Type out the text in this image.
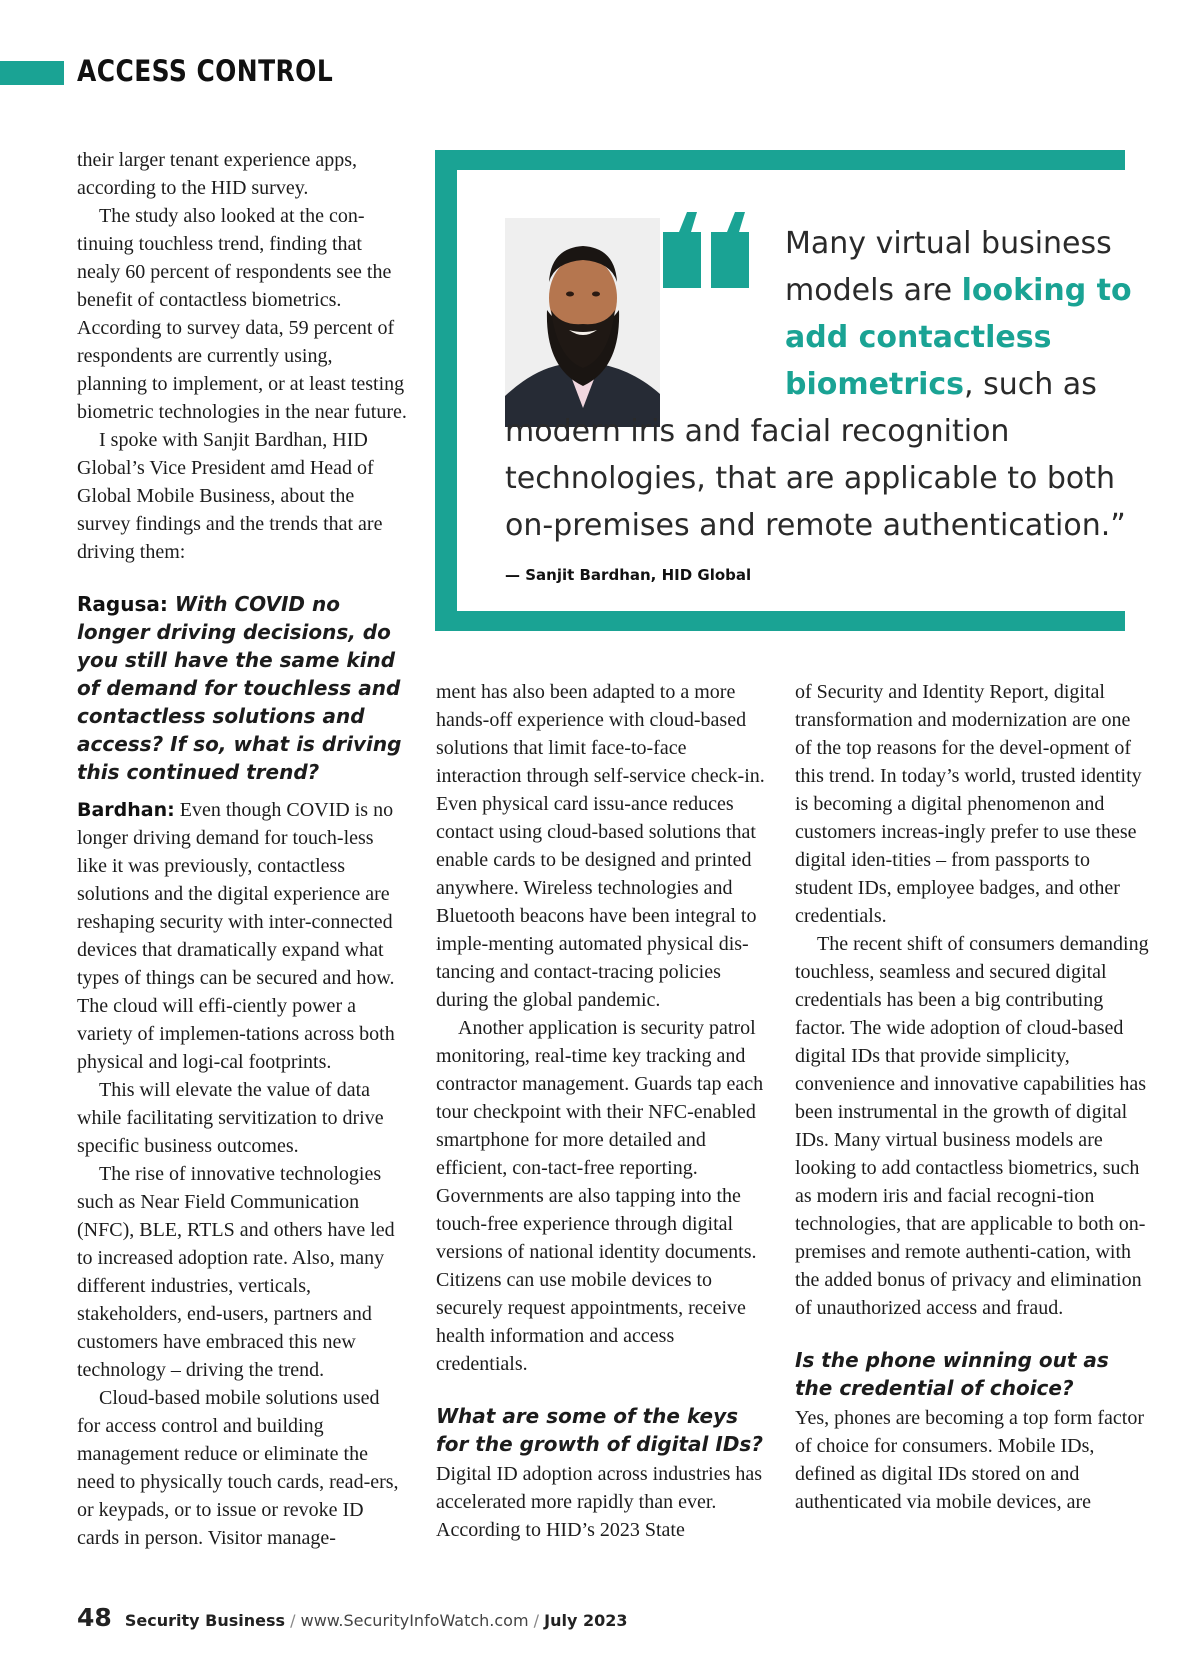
ACCESS CONTROL

their larger tenant experience apps, according to the HID survey.

The study also looked at the con-tinuing touchless trend, finding that nealy 60 percent of respondents see the benefit of contactless biometrics. According to survey data, 59 percent of respondents are currently using, planning to implement, or at least testing biometric technologies in the near future.

I spoke with Sanjit Bardhan, HID Global’s Vice President amd Head of Global Mobile Business, about the survey findings and the trends that are driving them:

Ragusa: With COVID no longer driving decisions, do you still have the same kind of demand for touchless and contactless solutions and access? If so, what is driving this continued trend?

Bardhan: Even though COVID is no longer driving demand for touch-less like it was previously, contactless solutions and the digital experience are reshaping security with inter-connected devices that dramatically expand what types of things can be secured and how. The cloud will effi-ciently power a variety of implemen-tations across both physical and logi-cal footprints.

This will elevate the value of data while facilitating servitization to drive specific business outcomes.

The rise of innovative technologies such as Near Field Communication (NFC), BLE, RTLS and others have led to increased adoption rate. Also, many different industries, verticals, stakeholders, end-users, partners and customers have embraced this new technology – driving the trend.

Cloud-based mobile solutions used for access control and building management reduce or eliminate the need to physically touch cards, read-ers, or keypads, or to issue or revoke ID cards in person. Visitor manage-

Many virtual business models are looking to add contactless biometrics, such as modern iris and facial recognition technologies, that are applicable to both on-premises and remote authentication.”

— Sanjit Bardhan, HID Global

ment has also been adapted to a more hands-off experience with cloud-based solutions that limit face-to-face interaction through self-service check-in. Even physical card issu-ance reduces contact using cloud-based solutions that enable cards to be designed and printed anywhere. Wireless technologies and Bluetooth beacons have been integral to imple-menting automated physical dis-tancing and contact-tracing policies during the global pandemic.

Another application is security patrol monitoring, real-time key tracking and contractor management. Guards tap each tour checkpoint with their NFC-enabled smartphone for more detailed and efficient, con-tact-free reporting. Governments are also tapping into the touch-free experience through digital versions of national identity documents. Citizens can use mobile devices to securely request appointments, receive health information and access credentials.

What are some of the keys for the growth of digital IDs?

Digital ID adoption across industries has accelerated more rapidly than ever. According to HID’s 2023 State

of Security and Identity Report, digital transformation and modernization are one of the top reasons for the devel-opment of this trend. In today’s world, trusted identity is becoming a digital phenomenon and customers increas-ingly prefer to use these digital iden-tities – from passports to student IDs, employee badges, and other credentials.

The recent shift of consumers demanding touchless, seamless and secured digital credentials has been a big contributing factor. The wide adoption of cloud-based digital IDs that provide simplicity, convenience and innovative capabilities has been instrumental in the growth of digital IDs. Many virtual business models are looking to add contactless biometrics, such as modern iris and facial recogni-tion technologies, that are applicable to both on-premises and remote authenti-cation, with the added bonus of privacy and elimination of unauthorized access and fraud.

Is the phone winning out as the credential of choice?

Yes, phones are becoming a top form factor of choice for consumers. Mobile IDs, defined as digital IDs stored on and authenticated via mobile devices, are

48 Security Business / www.SecurityInfoWatch.com / July 2023
